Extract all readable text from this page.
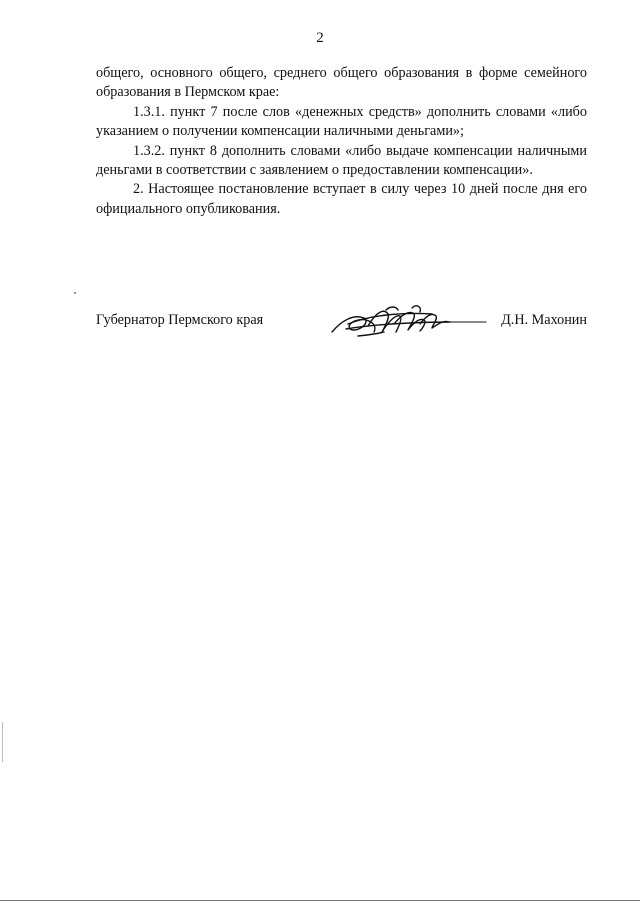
2

общего, основного общего, среднего общего образования в форме семейного образования в Пермском крае:

1.3.1. пункт 7 после слов «денежных средств» дополнить словами «либо указанием о получении компенсации наличными деньгами»;

1.3.2. пункт 8 дополнить словами «либо выдаче компенсации наличными деньгами в соответствии с заявлением о предоставлении компенсации».

2. Настоящее постановление вступает в силу через 10 дней после дня его официального опубликования.

Губернатор Пермского края	Д.Н. Махонин
